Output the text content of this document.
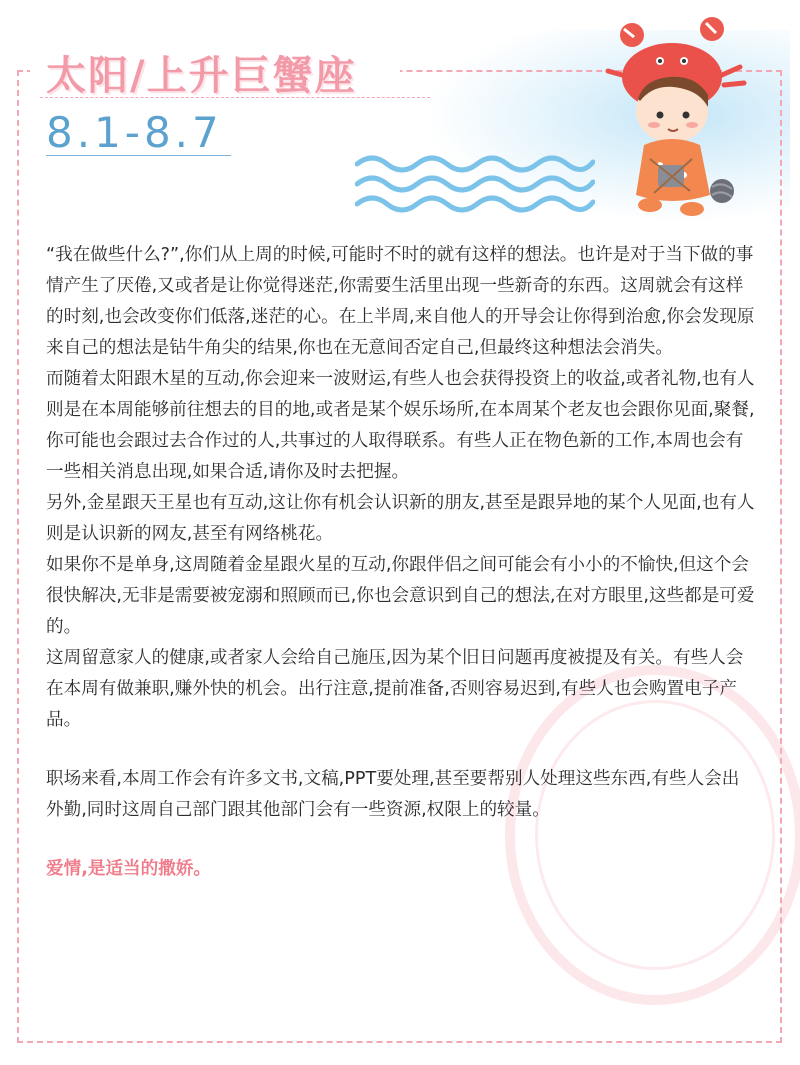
太阳/上升巨蟹座
8.1-8.7

“我在做些什么?”,你们从上周的时候,可能时不时的就有这样的想法。也许是对于当下做的事情产生了厌倦,又或者是让你觉得迷茫,你需要生活里出现一些新奇的东西。这周就会有这样的时刻,也会改变你们低落,迷茫的心。在上半周,来自他人的开导会让你得到治愈,你会发现原来自己的想法是钻牛角尖的结果,你也在无意间否定自己,但最终这种想法会消失。

而随着太阳跟木星的互动,你会迎来一波财运,有些人也会获得投资上的收益,或者礼物,也有人则是在本周能够前往想去的目的地,或者是某个娱乐场所,在本周某个老友也会跟你见面,聚餐,你可能也会跟过去合作过的人,共事过的人取得联系。有些人正在物色新的工作,本周也会有一些相关消息出现,如果合适,请你及时去把握。

另外,金星跟天王星也有互动,这让你有机会认识新的朋友,甚至是跟异地的某个人见面,也有人则是认识新的网友,甚至有网络桃花。

如果你不是单身,这周随着金星跟火星的互动,你跟伴侣之间可能会有小小的不愉快,但这个会很快解决,无非是需要被宠溺和照顾而已,你也会意识到自己的想法,在对方眼里,这些都是可爱的。

这周留意家人的健康,或者家人会给自己施压,因为某个旧日问题再度被提及有关。有些人会在本周有做兼职,赚外快的机会。出行注意,提前准备,否则容易迟到,有些人也会购置电子产品。

职场来看,本周工作会有许多文书,文稿,PPT要处理,甚至要帮别人处理这些东西,有些人会出外勤,同时这周自己部门跟其他部门会有一些资源,权限上的较量。

爱情,是适当的撒娇。
